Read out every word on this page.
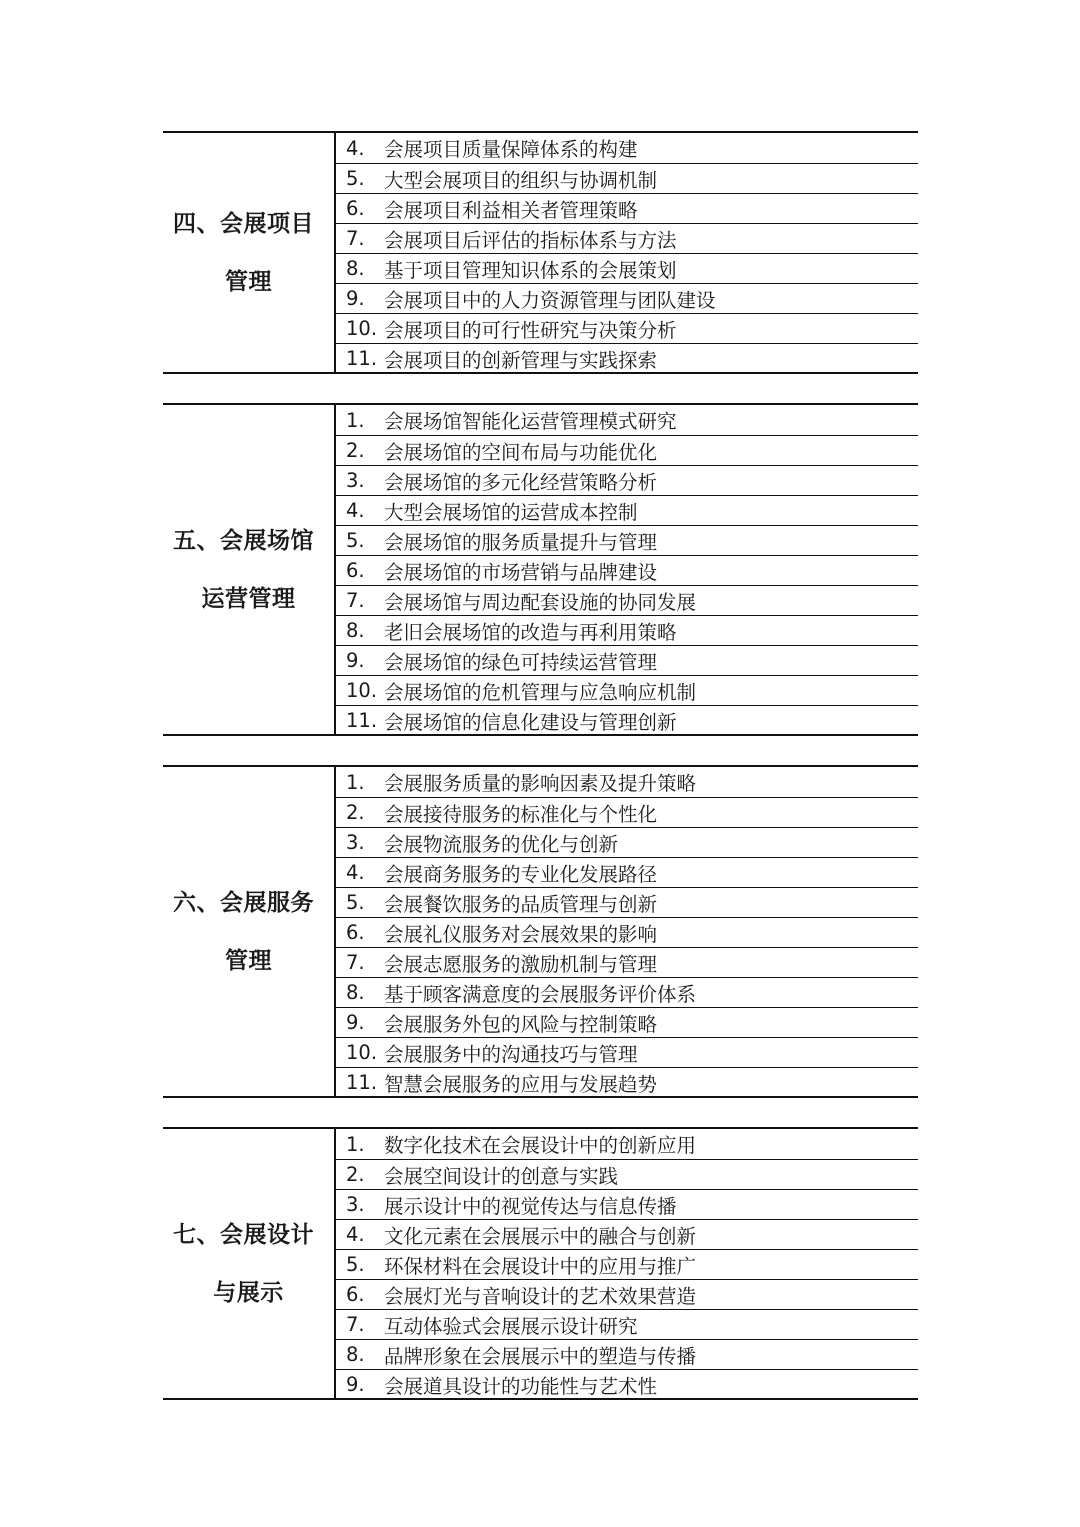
四、会展项目
管理
4. 会展项目质量保障体系的构建
5. 大型会展项目的组织与协调机制
6. 会展项目利益相关者管理策略
7. 会展项目后评估的指标体系与方法
8. 基于项目管理知识体系的会展策划
9. 会展项目中的人力资源管理与团队建设
10. 会展项目的可行性研究与决策分析
11. 会展项目的创新管理与实践探索
五、会展场馆
运营管理
1. 会展场馆智能化运营管理模式研究
2. 会展场馆的空间布局与功能优化
3. 会展场馆的多元化经营策略分析
4. 大型会展场馆的运营成本控制
5. 会展场馆的服务质量提升与管理
6. 会展场馆的市场营销与品牌建设
7. 会展场馆与周边配套设施的协同发展
8. 老旧会展场馆的改造与再利用策略
9. 会展场馆的绿色可持续运营管理
10. 会展场馆的危机管理与应急响应机制
11. 会展场馆的信息化建设与管理创新
六、会展服务
管理
1. 会展服务质量的影响因素及提升策略
2. 会展接待服务的标准化与个性化
3. 会展物流服务的优化与创新
4. 会展商务服务的专业化发展路径
5. 会展餐饮服务的品质管理与创新
6. 会展礼仪服务对会展效果的影响
7. 会展志愿服务的激励机制与管理
8. 基于顾客满意度的会展服务评价体系
9. 会展服务外包的风险与控制策略
10. 会展服务中的沟通技巧与管理
11. 智慧会展服务的应用与发展趋势
七、会展设计
与展示
1. 数字化技术在会展设计中的创新应用
2. 会展空间设计的创意与实践
3. 展示设计中的视觉传达与信息传播
4. 文化元素在会展展示中的融合与创新
5. 环保材料在会展设计中的应用与推广
6. 会展灯光与音响设计的艺术效果营造
7. 互动体验式会展展示设计研究
8. 品牌形象在会展展示中的塑造与传播
9. 会展道具设计的功能性与艺术性
